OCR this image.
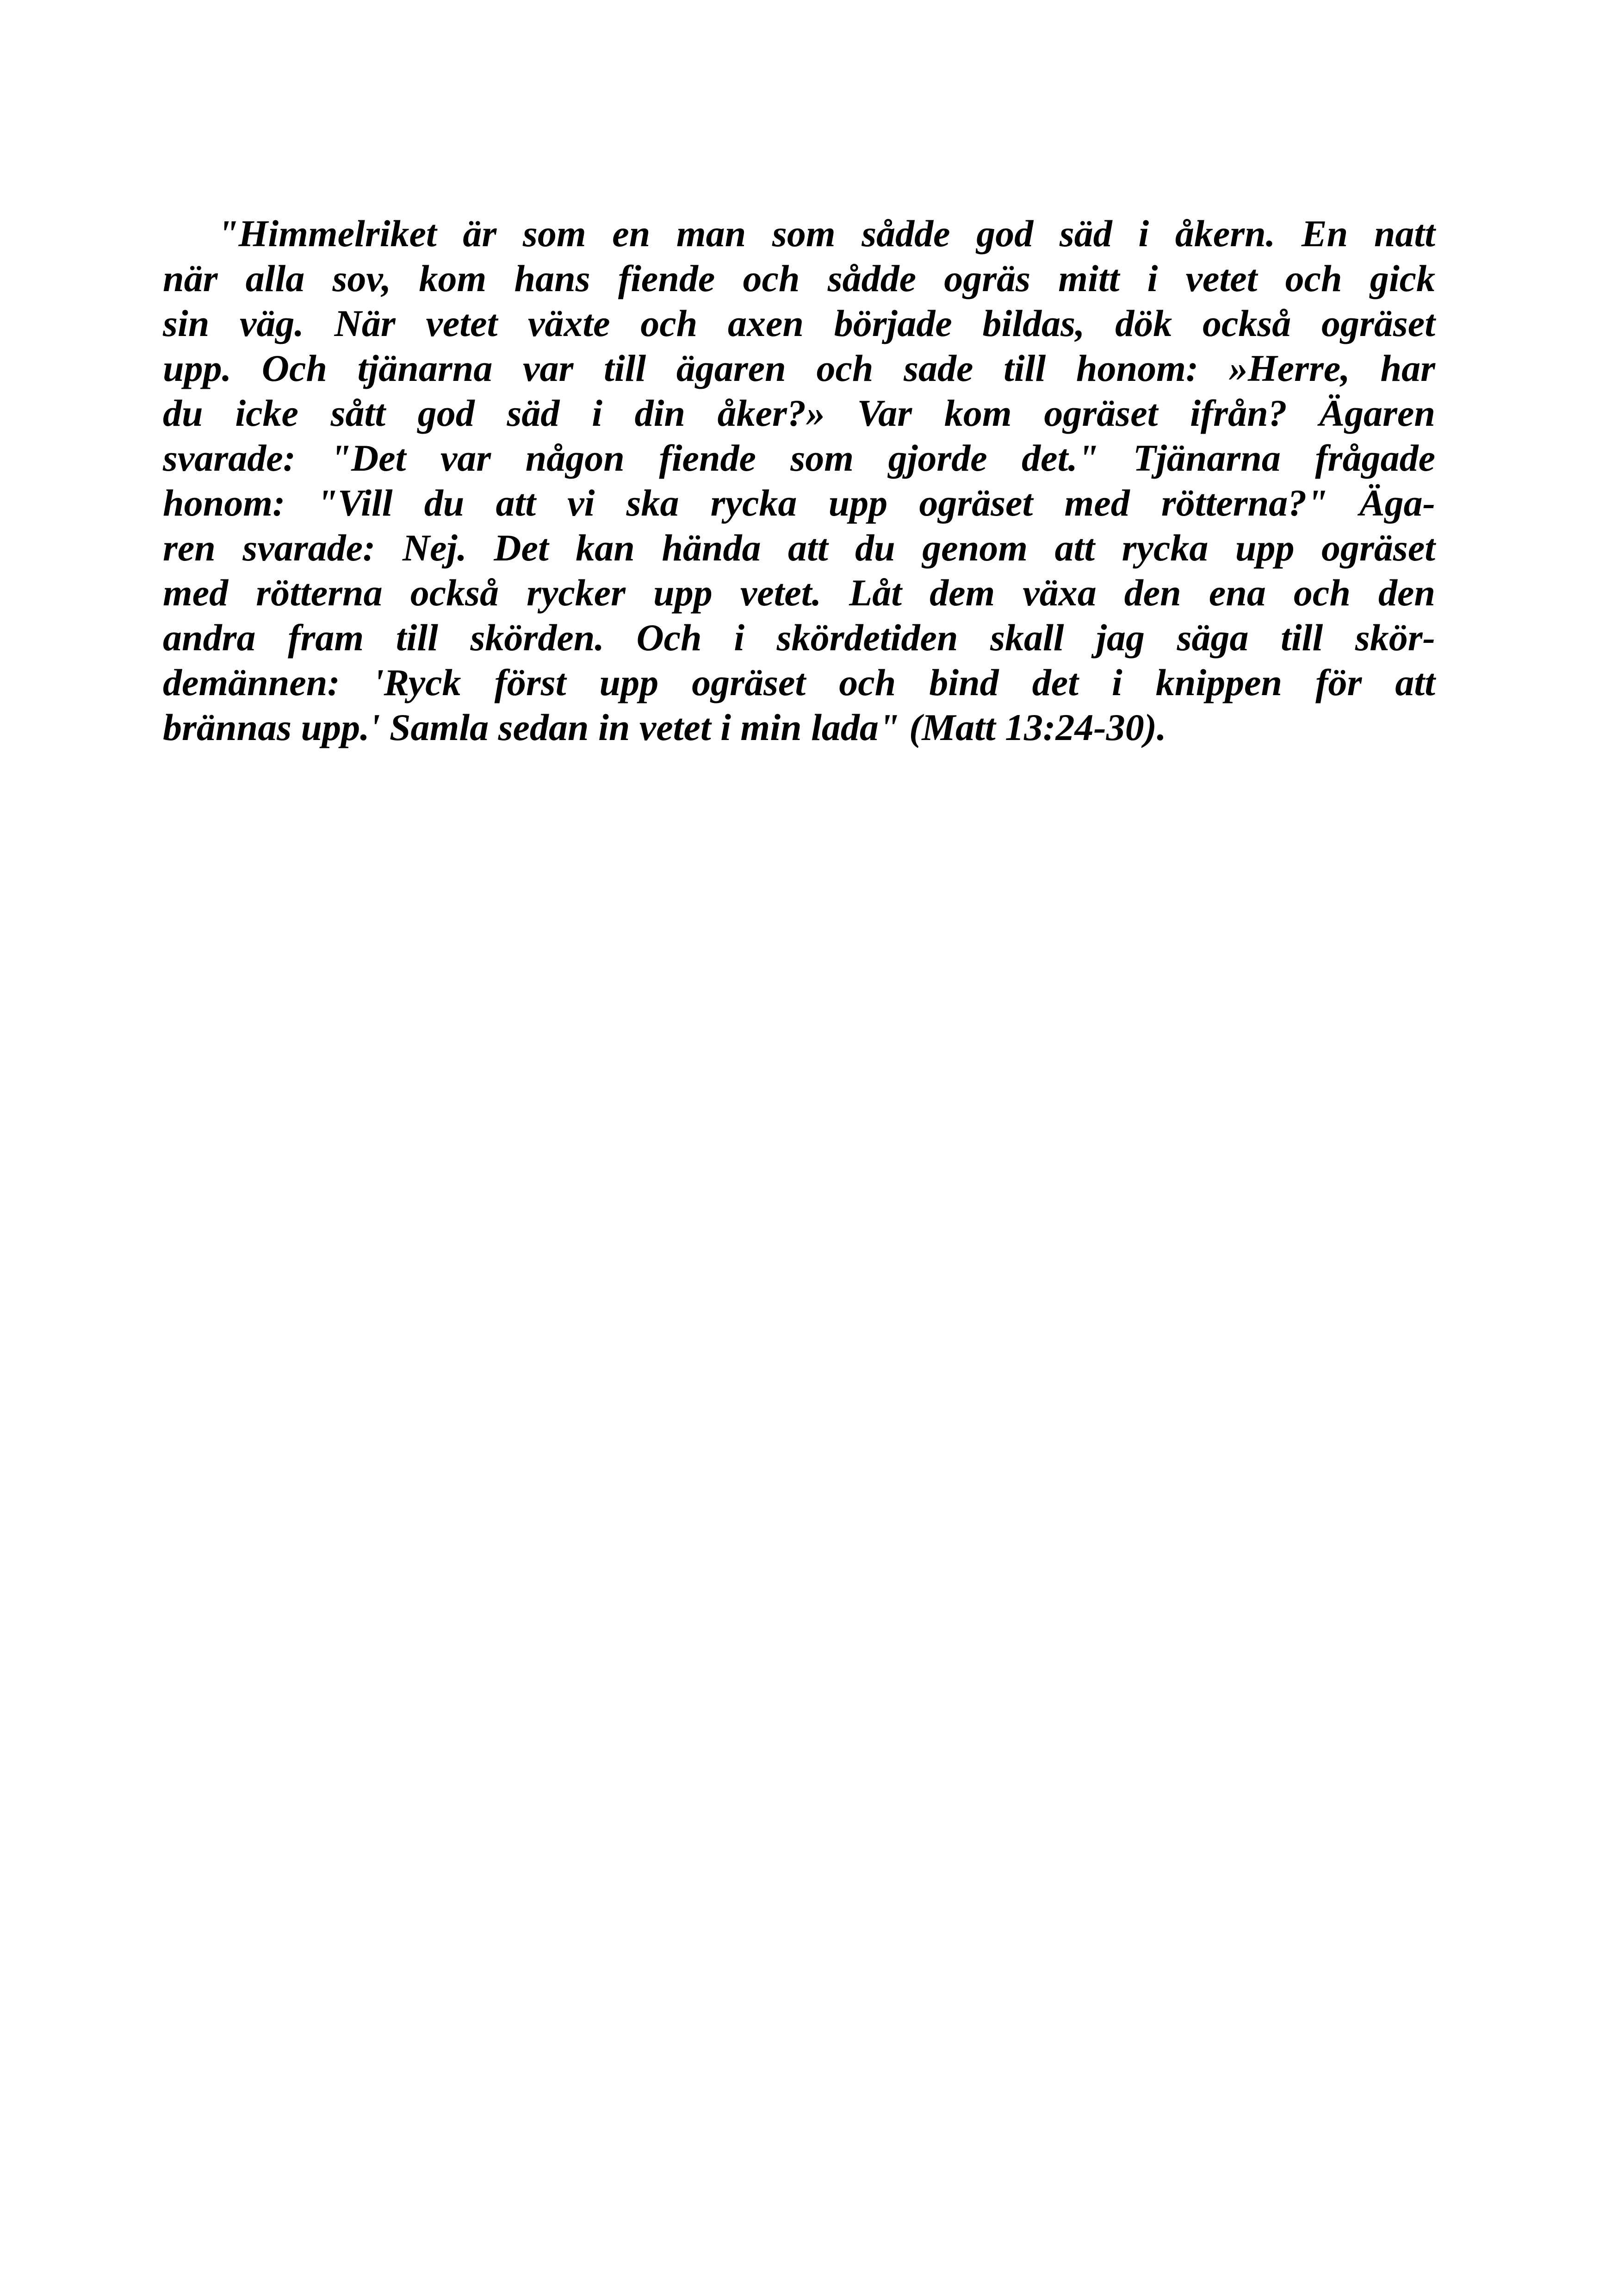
"Himmelriket är som en man som sådde god säd i åkern. En natt
när alla sov, kom hans fiende och sådde ogräs mitt i vetet och gick
sin väg. När vetet växte och axen började bildas, dök också ogräset
upp. Och tjänarna var till ägaren och sade till honom: »Herre, har
du icke sått god säd i din åker?» Var kom ogräset ifrån? Ägaren
svarade: "Det var någon fiende som gjorde det." Tjänarna frågade
honom: "Vill du att vi ska rycka upp ogräset med rötterna?" Äga-
ren svarade: Nej. Det kan hända att du genom att rycka upp ogräset
med rötterna också rycker upp vetet. Låt dem växa den ena och den
andra fram till skörden. Och i skördetiden skall jag säga till skör-
demännen: 'Ryck först upp ogräset och bind det i knippen för att
brännas upp.' Samla sedan in vetet i min lada" (Matt 13:24-30).
